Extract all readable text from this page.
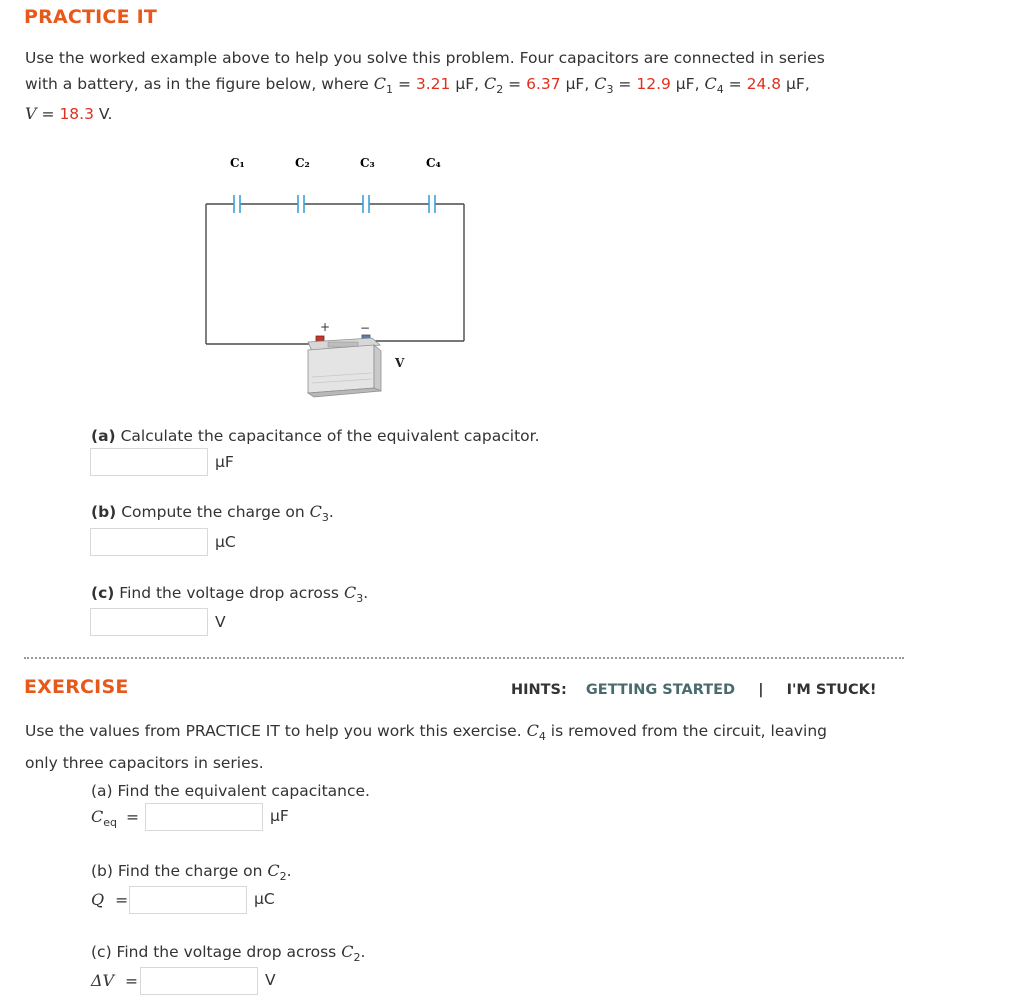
PRACTICE IT
Use the worked example above to help you solve this problem. Four capacitors are connected in series
with a battery, as in the figure below, where $C_1 = 3.21$ μF, $C_2 = 6.37$ μF, $C_3 = 12.9$ μF, $C_4 = 24.8$ μF,
V = 18.3 V.
C₁	C₂	C₃	C₄
+ −
V
(a) Calculate the capacitance of the equivalent capacitor.
μF
(b) Compute the charge on $C_3$.
μC
(c) Find the voltage drop across $C_3$.
V
EXERCISE	HINTS: GETTING STARTED | I'M STUCK!
Use the values from PRACTICE IT to help you work this exercise. $C_4$ is removed from the circuit, leaving
only three capacitors in series.
(a) Find the equivalent capacitance.
$C_{eq}$ =	μF
(b) Find the charge on $C_2$.
Q =	μC
(c) Find the voltage drop across $C_2$.
ΔV =	V
